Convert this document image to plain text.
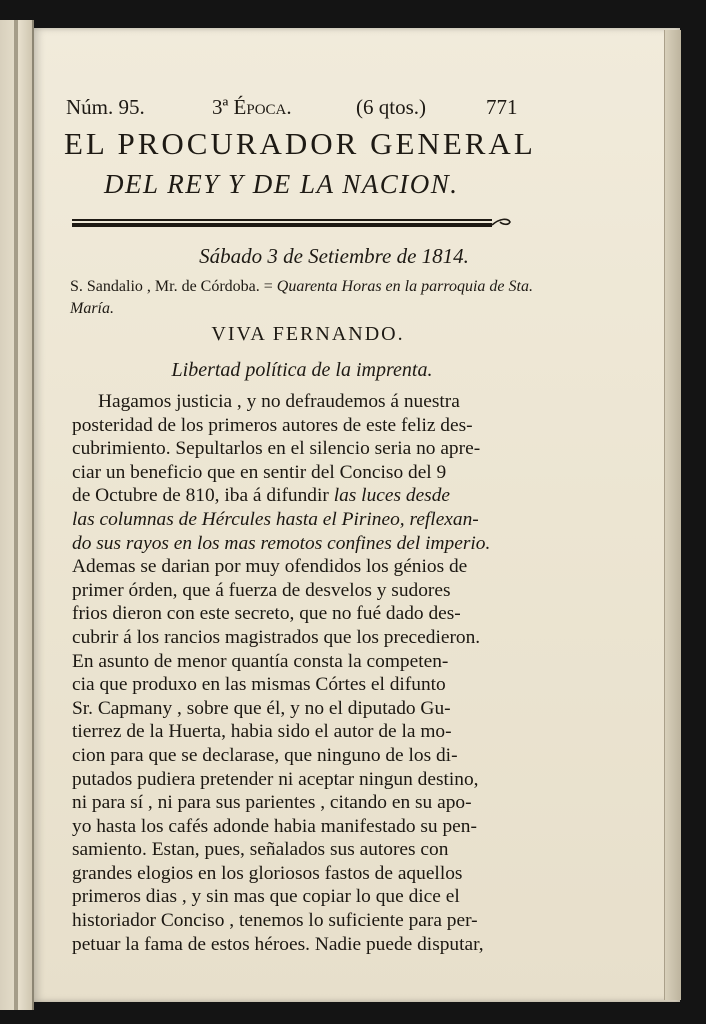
Núm. 95.	3ª Época.	(6 qtos.)	771
EL PROCURADOR GENERAL
DEL REY Y DE LA NACION.
Sábado 3 de Setiembre de 1814.
S. Sandalio , Mr. de Córdoba. = Quarenta Horas en la parroquia de Sta. María.
VIVA FERNANDO.
Libertad política de la imprenta.
Hagamos justicia , y no defraudemos á nuestra
posteridad de los primeros autores de este feliz des-
cubrimiento. Sepultarlos en el silencio seria no apre-
ciar un beneficio que en sentir del Conciso del 9
de Octubre de 810, iba á difundir las luces desde
las columnas de Hércules hasta el Pirineo, reflexan-
do sus rayos en los mas remotos confines del imperio.
Ademas se darian por muy ofendidos los génios de
primer órden, que á fuerza de desvelos y sudores
frios dieron con este secreto, que no fué dado des-
cubrir á los rancios magistrados que los precedieron.
En asunto de menor quantía consta la competen-
cia que produxo en las mismas Córtes el difunto
Sr. Capmany , sobre que él, y no el diputado Gu-
tierrez de la Huerta, habia sido el autor de la mo-
cion para que se declarase, que ninguno de los di-
putados pudiera pretender ni aceptar ningun destino,
ni para sí , ni para sus parientes , citando en su apo-
yo hasta los cafés adonde habia manifestado su pen-
samiento. Estan, pues, señalados sus autores con
grandes elogios en los gloriosos fastos de aquellos
primeros dias , y sin mas que copiar lo que dice el
historiador Conciso , tenemos lo suficiente para per-
petuar la fama de estos héroes. Nadie puede disputar,
